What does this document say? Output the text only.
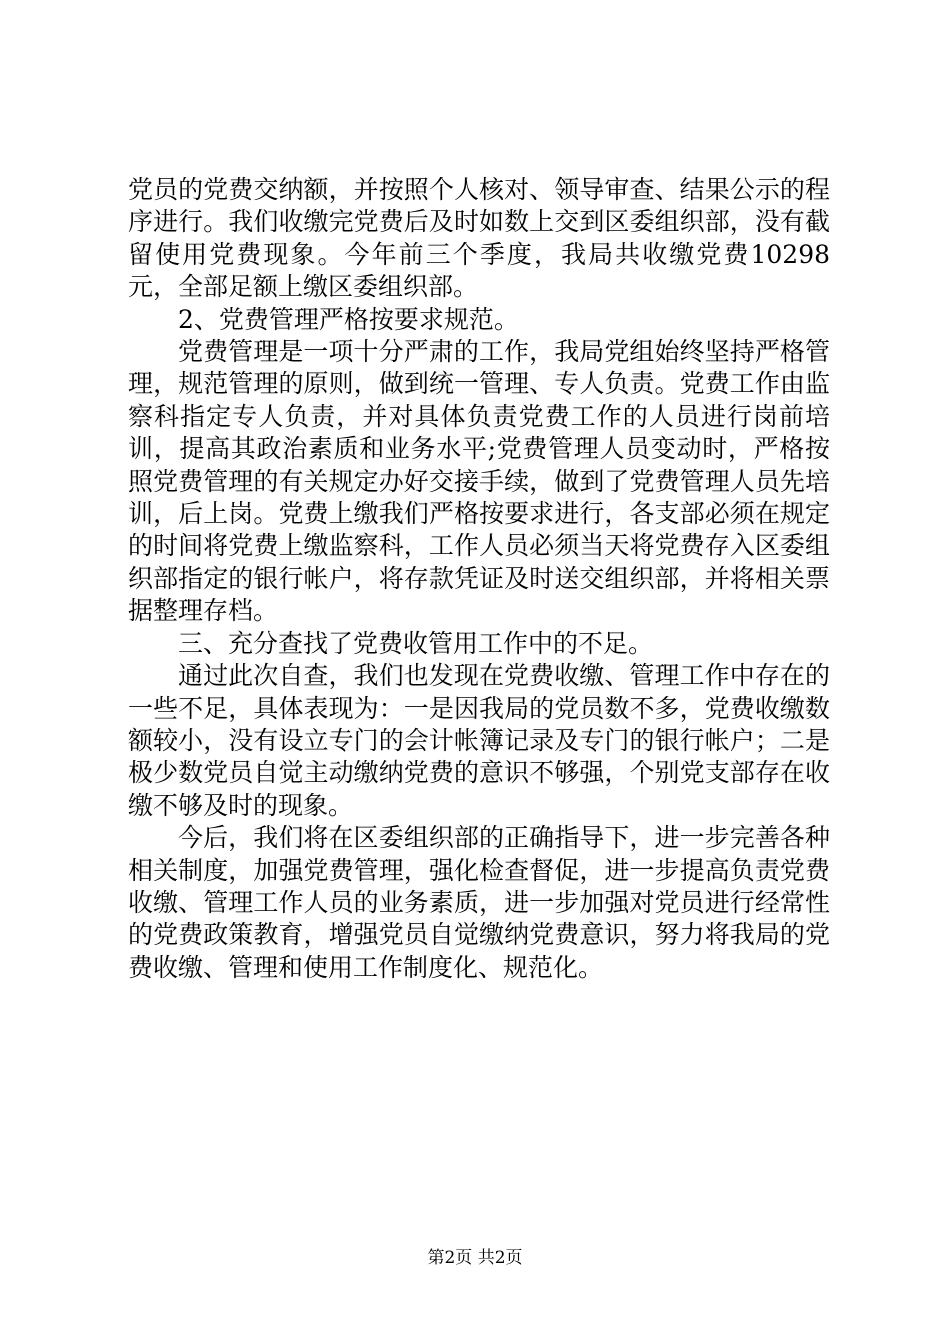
党员的党费交纳额，并按照个人核对、领导审查、结果公示的程序进行。我们收缴完党费后及时如数上交到区委组织部，没有截留使用党费现象。今年前三个季度，我局共收缴党费10298元，全部足额上缴区委组织部。

2、党费管理严格按要求规范。

党费管理是一项十分严肃的工作，我局党组始终坚持严格管理，规范管理的原则，做到统一管理、专人负责。党费工作由监察科指定专人负责，并对具体负责党费工作的人员进行岗前培训，提高其政治素质和业务水平;党费管理人员变动时，严格按照党费管理的有关规定办好交接手续，做到了党费管理人员先培训，后上岗。党费上缴我们严格按要求进行，各支部必须在规定的时间将党费上缴监察科，工作人员必须当天将党费存入区委组织部指定的银行帐户，将存款凭证及时送交组织部，并将相关票据整理存档。

三、充分查找了党费收管用工作中的不足。

通过此次自查，我们也发现在党费收缴、管理工作中存在的一些不足，具体表现为：一是因我局的党员数不多，党费收缴数额较小，没有设立专门的会计帐簿记录及专门的银行帐户；二是极少数党员自觉主动缴纳党费的意识不够强，个别党支部存在收缴不够及时的现象。

今后，我们将在区委组织部的正确指导下，进一步完善各种相关制度，加强党费管理，强化检查督促，进一步提高负责党费收缴、管理工作人员的业务素质，进一步加强对党员进行经常性的党费政策教育，增强党员自觉缴纳党费意识，努力将我局的党费收缴、管理和使用工作制度化、规范化。

第2页 共2页
